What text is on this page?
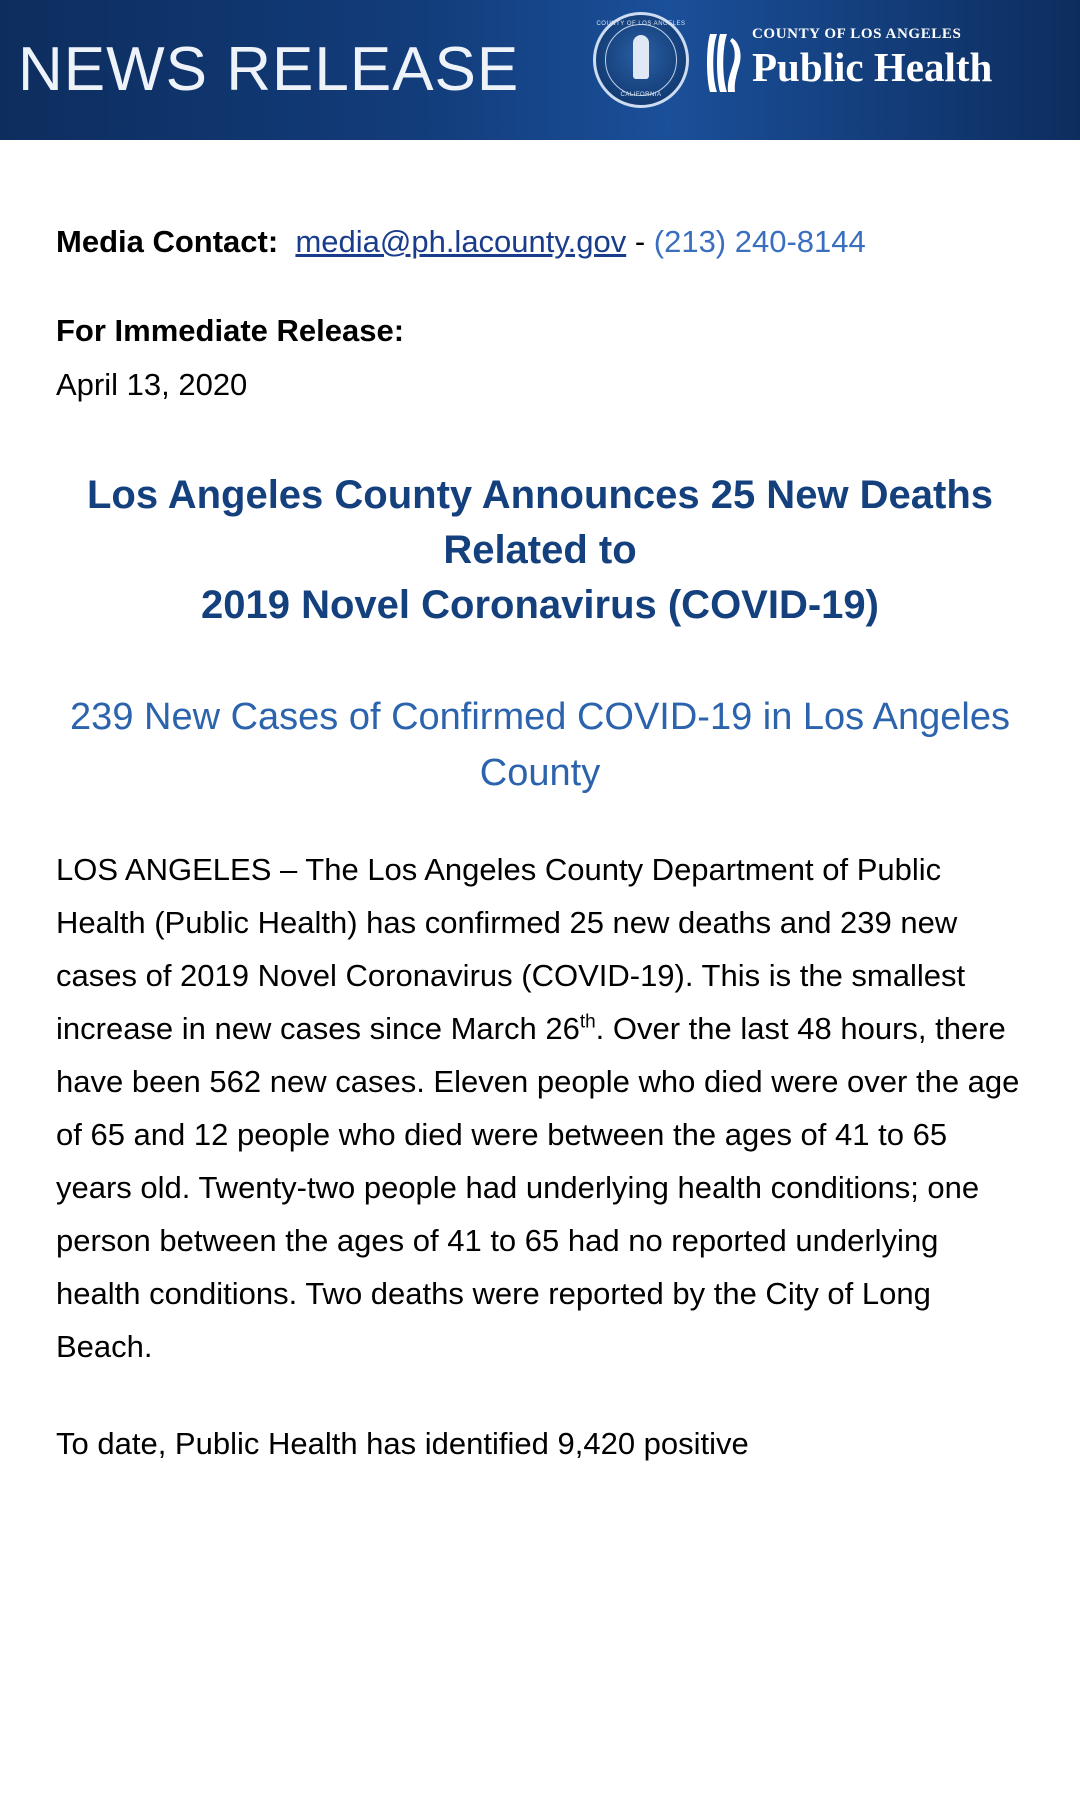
NEWS RELEASE
COUNTY OF LOS ANGELES
CALIFORNIA
COUNTY OF LOS ANGELES
Public Health
Media Contact: media@ph.lacounty.gov - (213) 240-8144
For Immediate Release:
April 13, 2020
Los Angeles County Announces 25 New Deaths Related to
2019 Novel Coronavirus (COVID-19)
239 New Cases of Confirmed COVID-19 in Los Angeles County
LOS ANGELES – The Los Angeles County Department of Public Health (Public Health) has confirmed 25 new deaths and 239 new cases of 2019 Novel Coronavirus (COVID-19). This is the smallest increase in new cases since March 26th. Over the last 48 hours, there have been 562 new cases. Eleven people who died were over the age of 65 and 12 people who died were between the ages of 41 to 65 years old. Twenty-two people had underlying health conditions; one person between the ages of 41 to 65 had no reported underlying health conditions. Two deaths were reported by the City of Long Beach.
To date, Public Health has identified 9,420 positive
